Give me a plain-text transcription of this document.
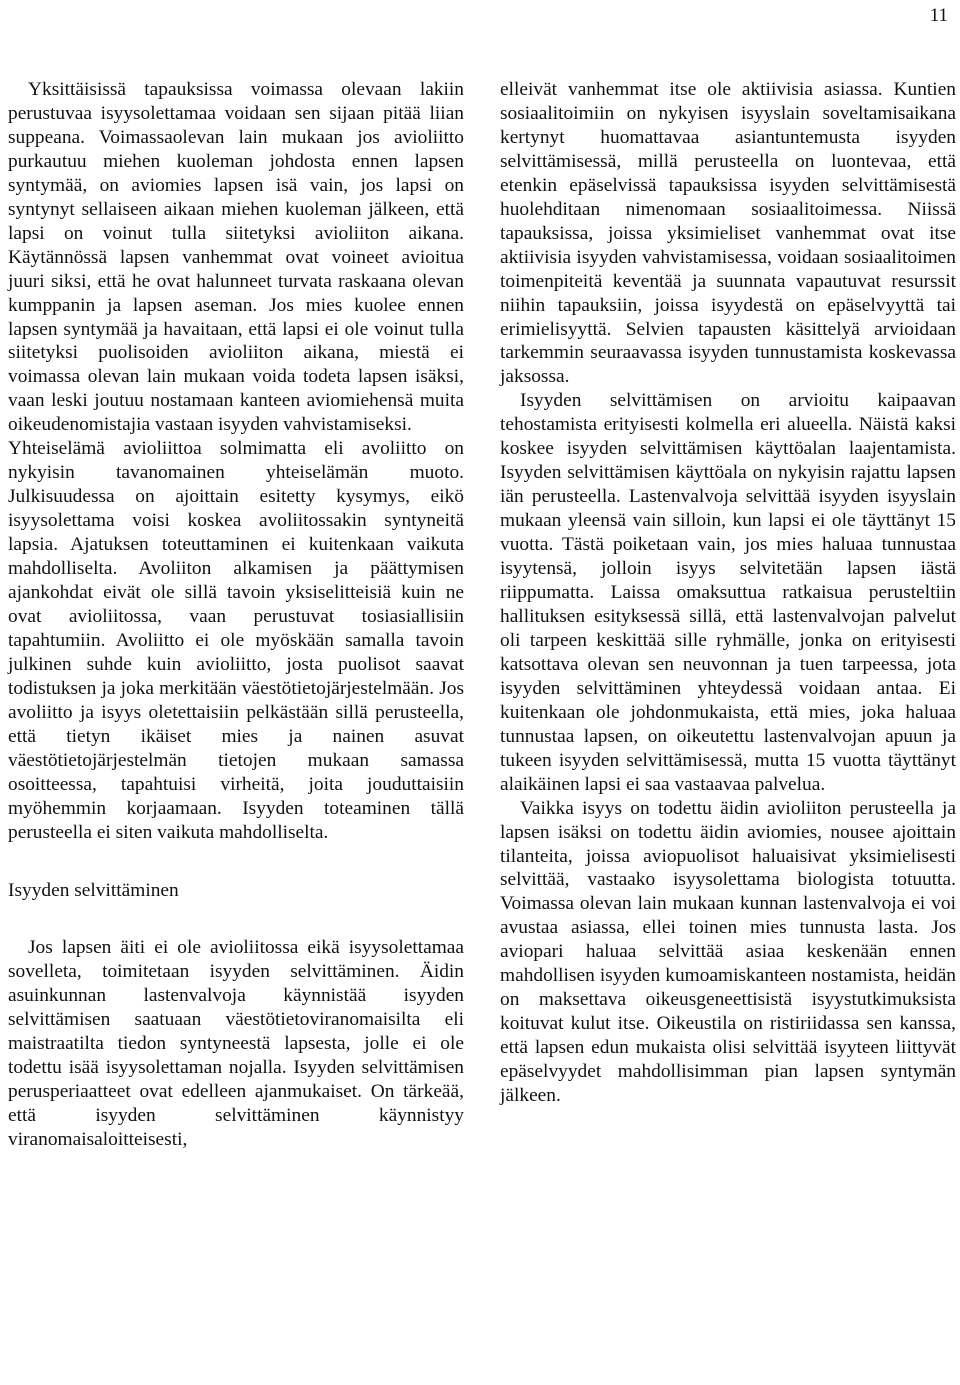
11

Yksittäisissä tapauksissa voimassa olevaan lakiin perustuvaa isyysolettamaa voidaan sen sijaan pitää liian suppeana. Voimassaolevan lain mukaan jos avioliitto purkautuu miehen kuoleman johdosta ennen lapsen syntymää, on aviomies lapsen isä vain, jos lapsi on syntynyt sellaiseen aikaan miehen kuoleman jälkeen, että lapsi on voinut tulla siitetyksi avioliiton aikana. Käytännössä lapsen vanhemmat ovat voineet avioitua juuri siksi, että he ovat halunneet turvata raskaana olevan kumppanin ja lapsen aseman. Jos mies kuolee ennen lapsen syntymää ja havaitaan, että lapsi ei ole voinut tulla siitetyksi puolisoiden avioliiton aikana, miestä ei voimassa olevan lain mukaan voida todeta lapsen isäksi, vaan leski joutuu nostamaan kanteen aviomiehensä muita oikeudenomistajia vastaan isyyden vahvistamiseksi.

Yhteiselämä avioliittoa solmimatta eli avoliitto on nykyisin tavanomainen yhteiselämän muoto. Julkisuudessa on ajoittain esitetty kysymys, eikö isyysolettama voisi koskea avoliitossakin syntyneitä lapsia. Ajatuksen toteuttaminen ei kuitenkaan vaikuta mahdolliselta. Avoliiton alkamisen ja päättymisen ajankohdat eivät ole sillä tavoin yksiselitteisiä kuin ne ovat avioliitossa, vaan perustuvat tosiasiallisiin tapahtumiin. Avoliitto ei ole myöskään samalla tavoin julkinen suhde kuin avioliitto, josta puolisot saavat todistuksen ja joka merkitään väestötietojärjestelmään. Jos avoliitto ja isyys oletettaisiin pelkästään sillä perusteella, että tietyn ikäiset mies ja nainen asuvat väestötietojärjestelmän tietojen mukaan samassa osoitteessa, tapahtuisi virheitä, joita jouduttaisiin myöhemmin korjaamaan. Isyyden toteaminen tällä perusteella ei siten vaikuta mahdolliselta.

Isyyden selvittäminen

Jos lapsen äiti ei ole avioliitossa eikä isyysolettamaa sovelleta, toimitetaan isyyden selvittäminen. Äidin asuinkunnan lastenvalvoja käynnistää isyyden selvittämisen saatuaan väestötietoviranomaisilta eli maistraatilta tiedon syntyneestä lapsesta, jolle ei ole todettu isää isyysolettaman nojalla. Isyyden selvittämisen perusperiaatteet ovat edelleen ajanmukaiset. On tärkeää, että isyyden selvittäminen käynnistyy viranomaisaloitteisesti,

elleivät vanhemmat itse ole aktiivisia asiassa. Kuntien sosiaalitoimiin on nykyisen isyyslain soveltamisaikana kertynyt huomattavaa asiantuntemusta isyyden selvittämisessä, millä perusteella on luontevaa, että etenkin epäselvissä tapauksissa isyyden selvittämisestä huolehditaan nimenomaan sosiaalitoimessa. Niissä tapauksissa, joissa yksimieliset vanhemmat ovat itse aktiivisia isyyden vahvistamisessa, voidaan sosiaalitoimen toimenpiteitä keventää ja suunnata vapautuvat resurssit niihin tapauksiin, joissa isyydestä on epäselvyyttä tai erimielisyyttä. Selvien tapausten käsittelyä arvioidaan tarkemmin seuraavassa isyyden tunnustamista koskevassa jaksossa.

Isyyden selvittämisen on arvioitu kaipaavan tehostamista erityisesti kolmella eri alueella. Näistä kaksi koskee isyyden selvittämisen käyttöalan laajentamista. Isyyden selvittämisen käyttöala on nykyisin rajattu lapsen iän perusteella. Lastenvalvoja selvittää isyyden isyyslain mukaan yleensä vain silloin, kun lapsi ei ole täyttänyt 15 vuotta. Tästä poiketaan vain, jos mies haluaa tunnustaa isyytensä, jolloin isyys selvitetään lapsen iästä riippumatta. Laissa omaksuttua ratkaisua perusteltiin hallituksen esityksessä sillä, että lastenvalvojan palvelut oli tarpeen keskittää sille ryhmälle, jonka on erityisesti katsottava olevan sen neuvonnan ja tuen tarpeessa, jota isyyden selvittäminen yhteydessä voidaan antaa. Ei kuitenkaan ole johdonmukaista, että mies, joka haluaa tunnustaa lapsen, on oikeutettu lastenvalvojan apuun ja tukeen isyyden selvittämisessä, mutta 15 vuotta täyttänyt alaikäinen lapsi ei saa vastaavaa palvelua.

Vaikka isyys on todettu äidin avioliiton perusteella ja lapsen isäksi on todettu äidin aviomies, nousee ajoittain tilanteita, joissa aviopuolisot haluaisivat yksimielisesti selvittää, vastaako isyysolettama biologista totuutta. Voimassa olevan lain mukaan kunnan lastenvalvoja ei voi avustaa asiassa, ellei toinen mies tunnusta lasta. Jos aviopari haluaa selvittää asiaa keskenään ennen mahdollisen isyyden kumoamiskanteen nostamista, heidän on maksettava oikeusgeneettisistä isyystutkimuksista koituvat kulut itse. Oikeustila on ristiriidassa sen kanssa, että lapsen edun mukaista olisi selvittää isyyteen liittyvät epäselvyydet mahdollisimman pian lapsen syntymän jälkeen.
